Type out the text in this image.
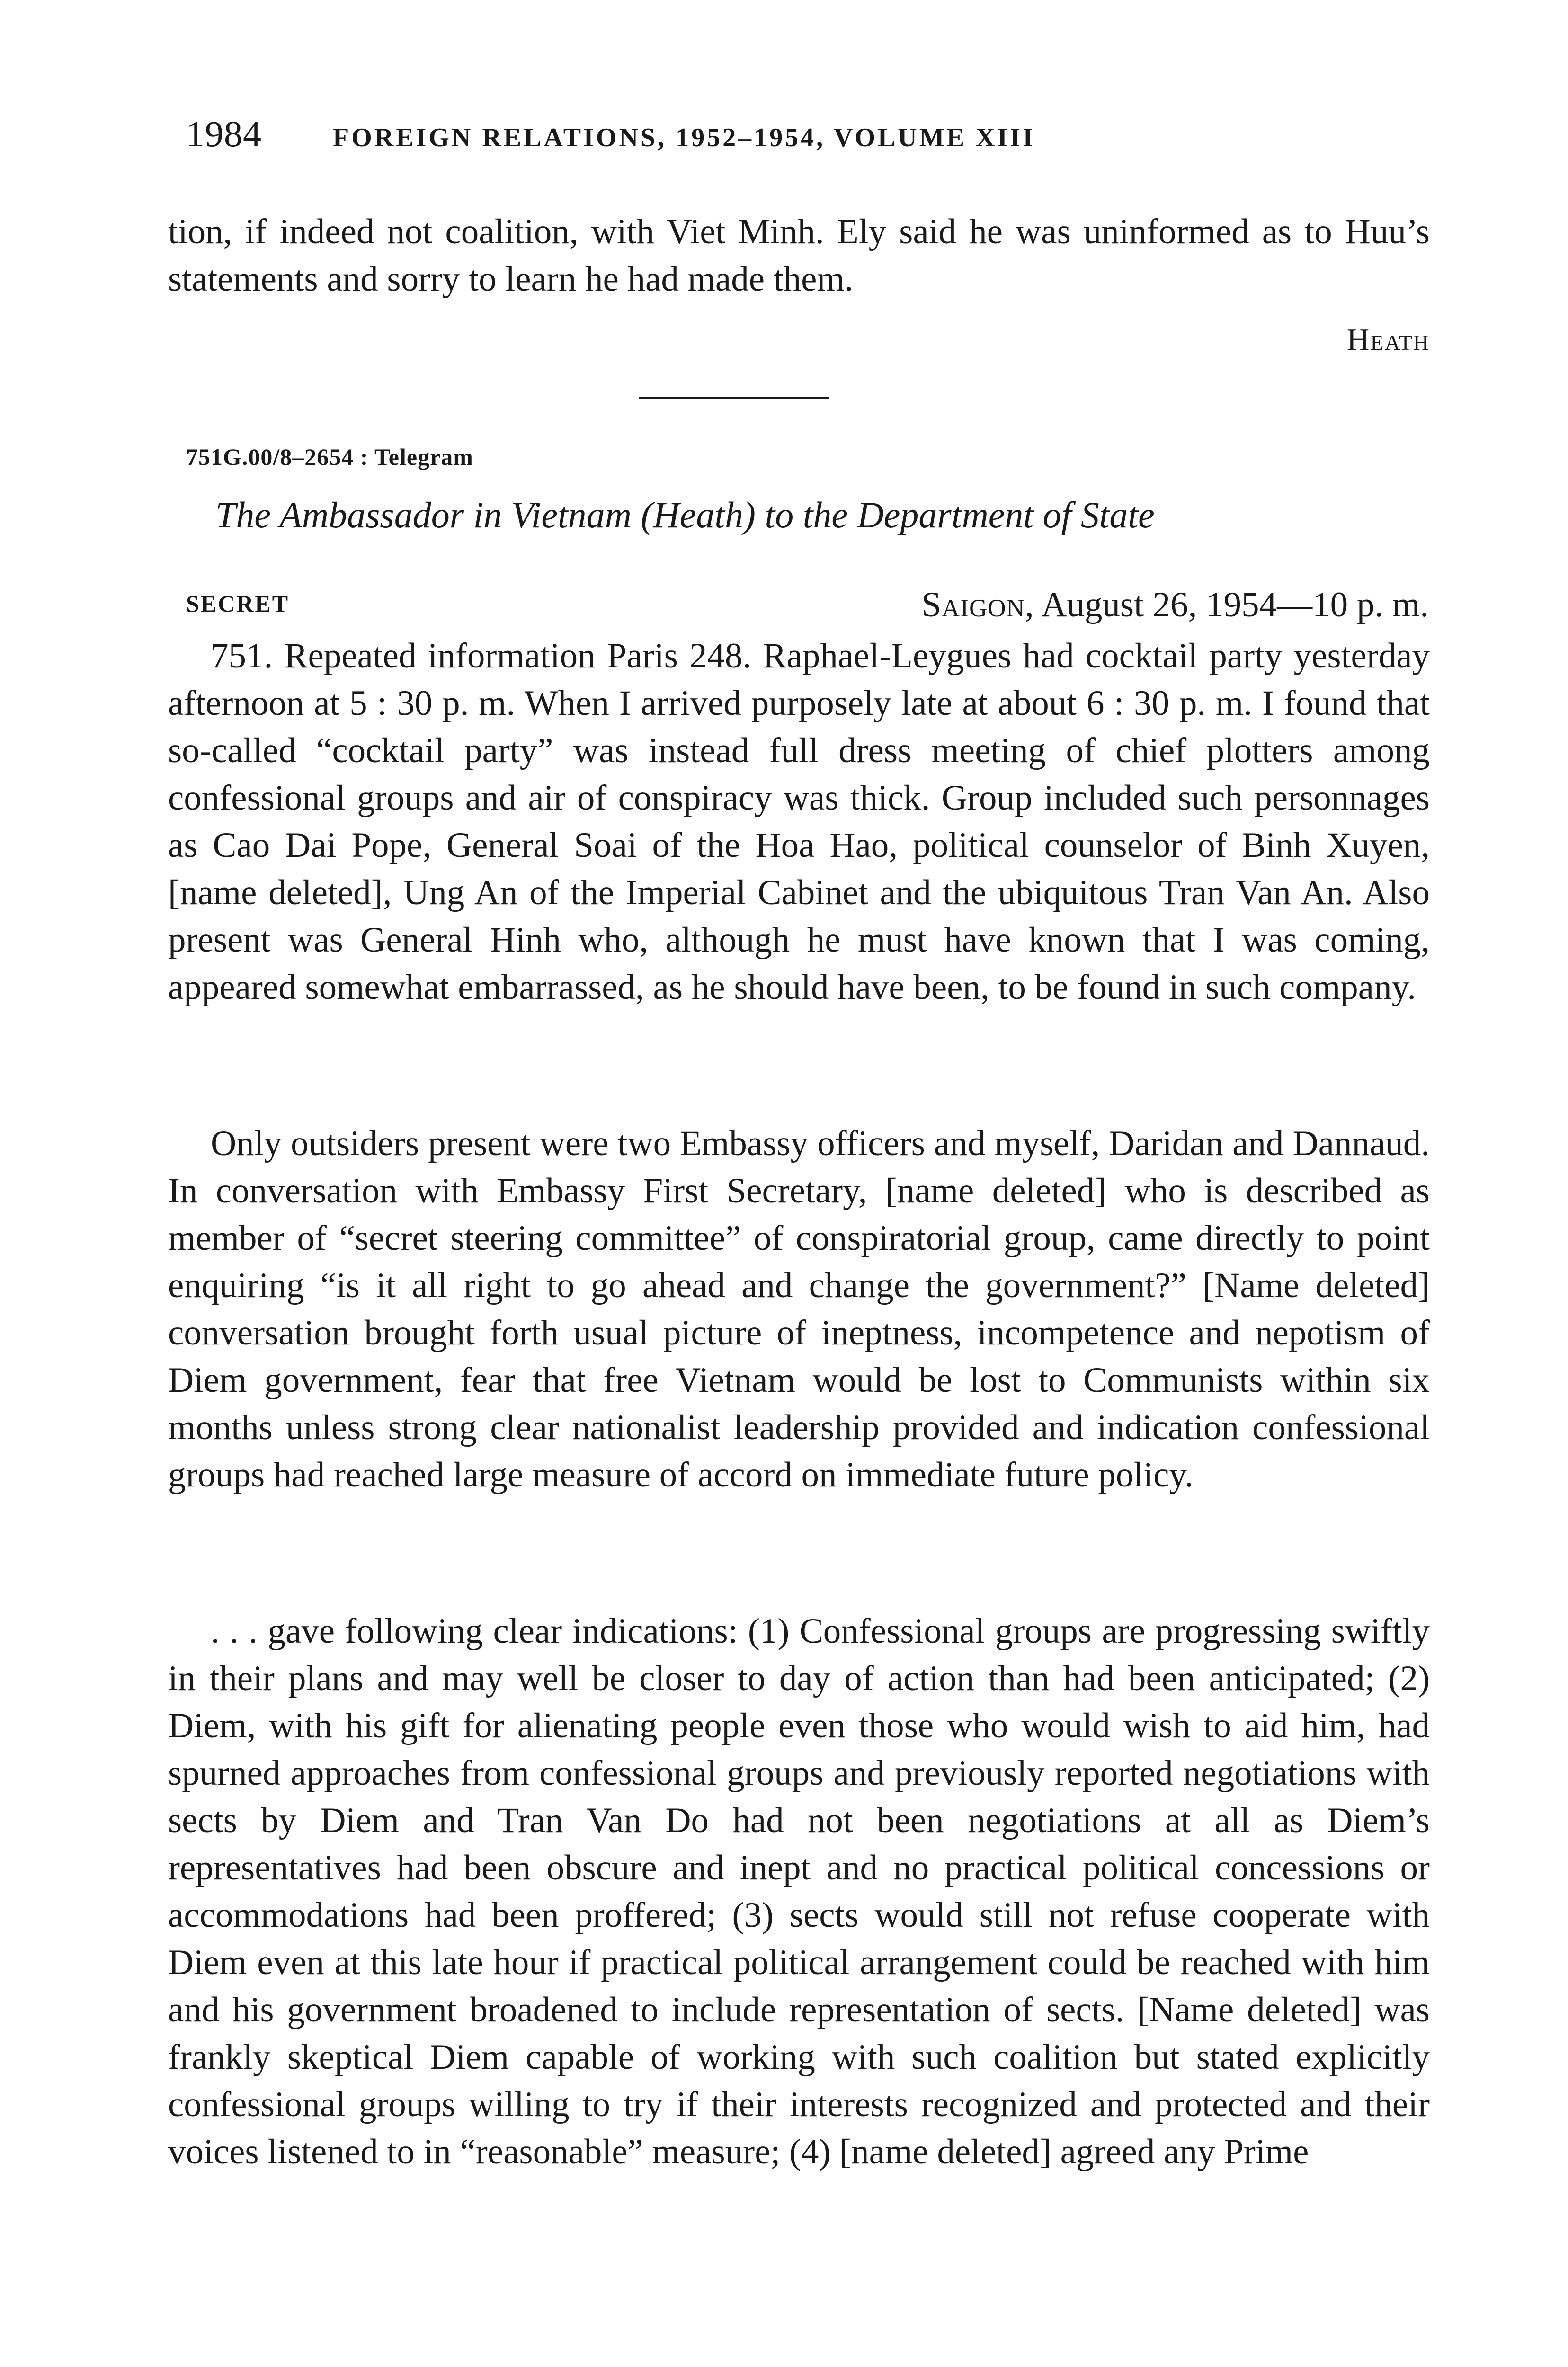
1984	FOREIGN RELATIONS, 1952–1954, VOLUME XIII

tion, if indeed not coalition, with Viet Minh. Ely said he was uninformed as to Huu’s statements and sorry to learn he had made them.

Heath
751G.00/8–2654 : Telegram
The Ambassador in Vietnam (Heath) to the Department of State
SECRET	Saigon, August 26, 1954—10 p. m.

751. Repeated information Paris 248. Raphael-Leygues had cocktail party yesterday afternoon at 5 : 30 p. m. When I arrived purposely late at about 6 : 30 p. m. I found that so-called “cocktail party” was instead full dress meeting of chief plotters among confessional groups and air of conspiracy was thick. Group included such personnages as Cao Dai Pope, General Soai of the Hoa Hao, political counselor of Binh Xuyen, [name deleted], Ung An of the Imperial Cabinet and the ubiquitous Tran Van An. Also present was General Hinh who, although he must have known that I was coming, appeared somewhat embarrassed, as he should have been, to be found in such company.

Only outsiders present were two Embassy officers and myself, Daridan and Dannaud. In conversation with Embassy First Secretary, [name deleted] who is described as member of “secret steering committee” of conspiratorial group, came directly to point enquiring “is it all right to go ahead and change the government?” [Name deleted] conversation brought forth usual picture of ineptness, incompetence and nepotism of Diem government, fear that free Vietnam would be lost to Communists within six months unless strong clear nationalist leadership provided and indication confessional groups had reached large measure of accord on immediate future policy.

. . . gave following clear indications: (1) Confessional groups are progressing swiftly in their plans and may well be closer to day of action than had been anticipated; (2) Diem, with his gift for alienating people even those who would wish to aid him, had spurned approaches from confessional groups and previously reported negotiations with sects by Diem and Tran Van Do had not been negotiations at all as Diem’s representatives had been obscure and inept and no practical political concessions or accommodations had been proffered; (3) sects would still not refuse cooperate with Diem even at this late hour if practical political arrangement could be reached with him and his government broadened to include representation of sects. [Name deleted] was frankly skeptical Diem capable of working with such coalition but stated explicitly confessional groups willing to try if their interests recognized and protected and their voices listened to in “reasonable” measure; (4) [name deleted] agreed any Prime
